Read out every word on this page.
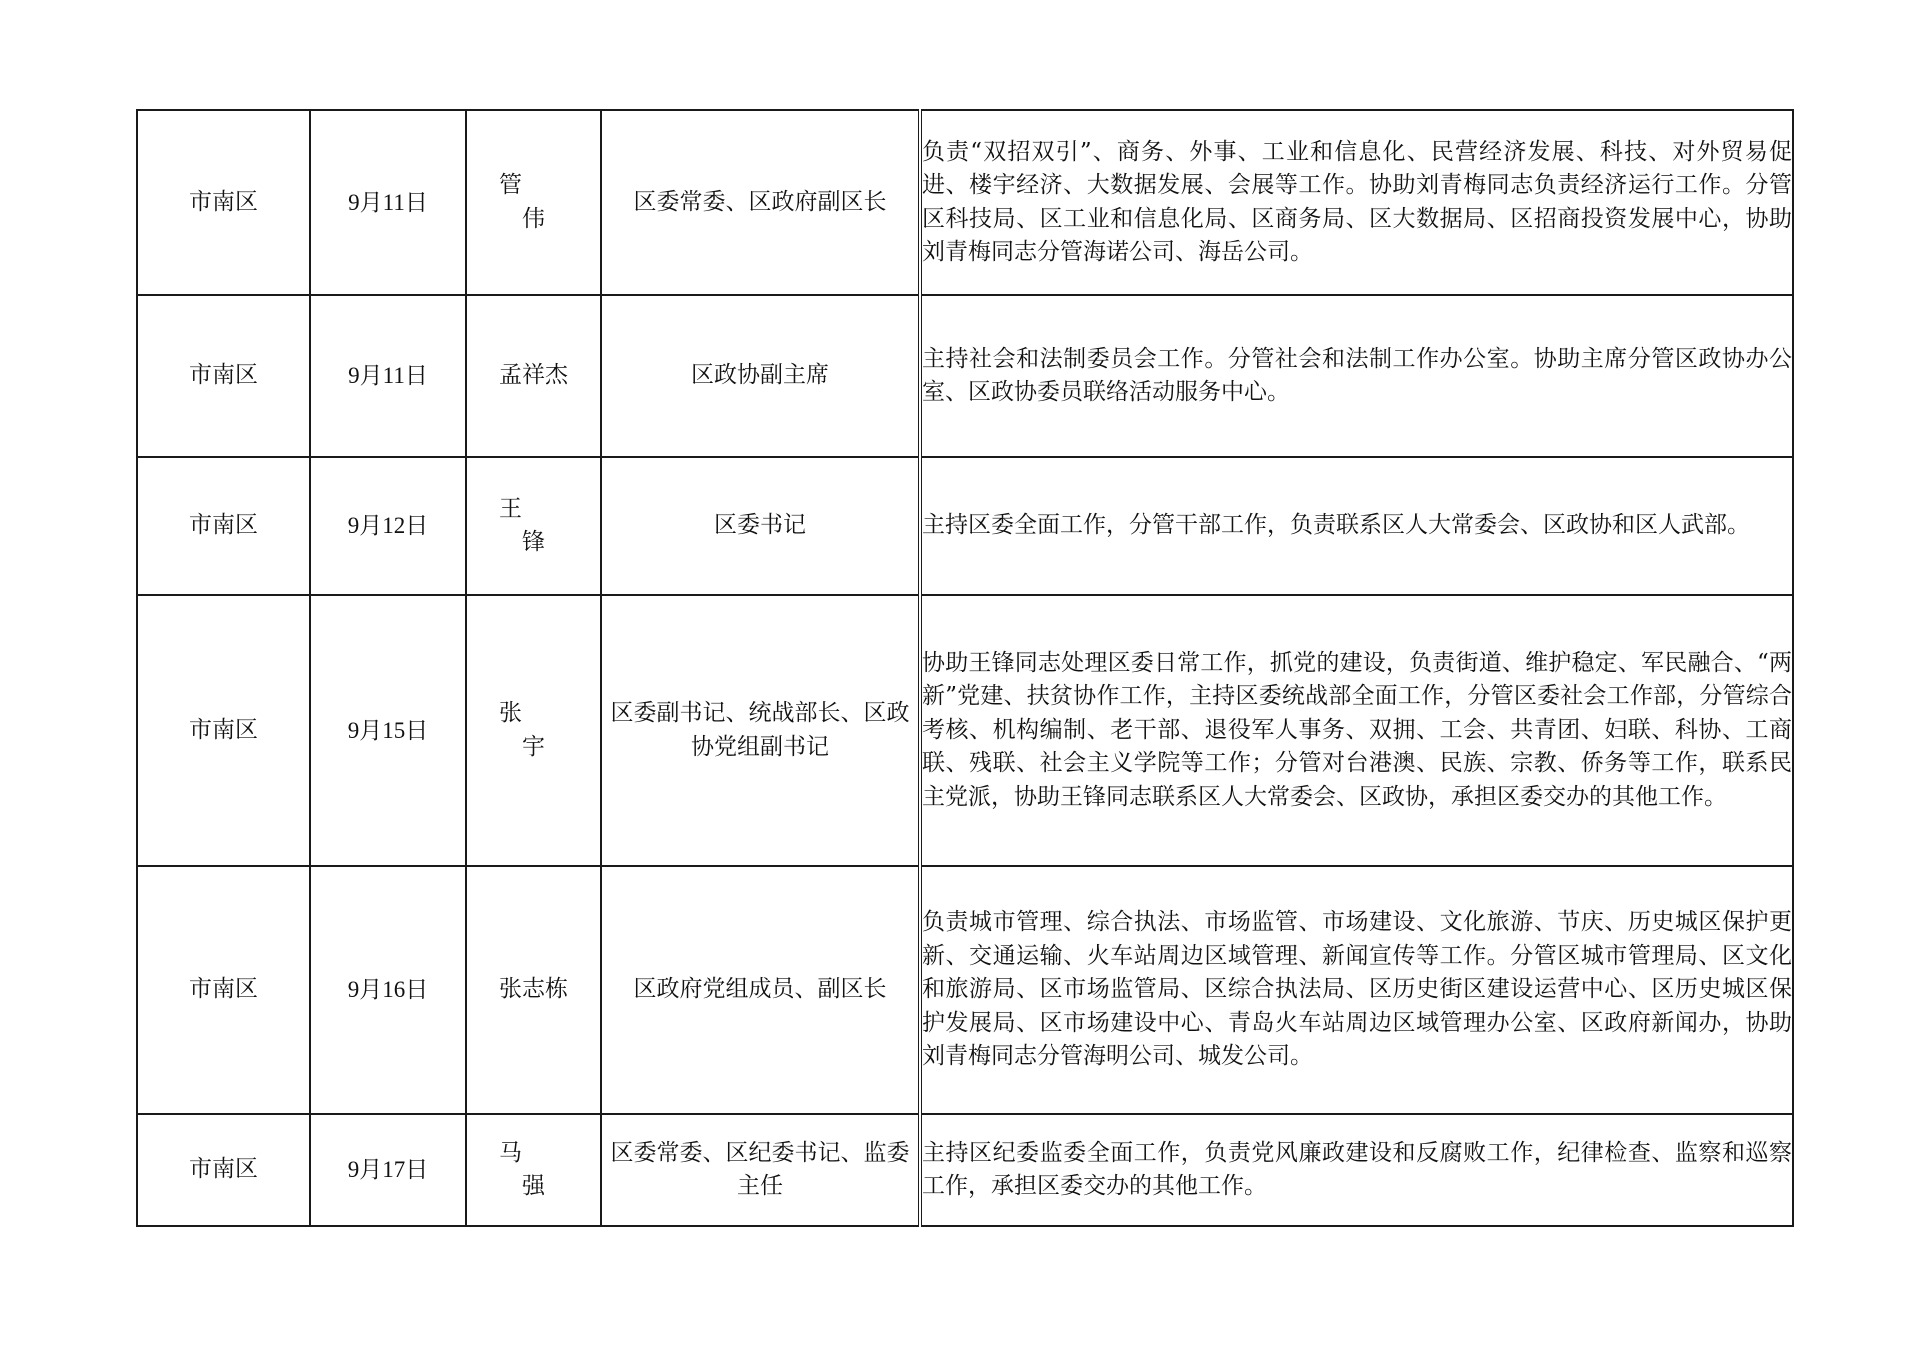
市南区	9月11日	管伟	区委常委、区政府副区长	负责“双招双引”、商务、外事、工业和信息化、民营经济发展、科技、对外贸易促进、楼宇经济、大数据发展、会展等工作。协助刘青梅同志负责经济运行工作。分管区科技局、区工业和信息化局、区商务局、区大数据局、区招商投资发展中心，协助刘青梅同志分管海诺公司、海岳公司。

市南区	9月11日	孟祥杰	区政协副主席	主持社会和法制委员会工作。分管社会和法制工作办公室。协助主席分管区政协办公室、区政协委员联络活动服务中心。

市南区	9月12日	王锋	区委书记	主持区委全面工作，分管干部工作，负责联系区人大常委会、区政协和区人武部。

市南区	9月15日	张宇	区委副书记、统战部长、区政协党组副书记	协助王锋同志处理区委日常工作，抓党的建设，负责街道、维护稳定、军民融合、“两新”党建、扶贫协作工作，主持区委统战部全面工作，分管区委社会工作部，分管综合考核、机构编制、老干部、退役军人事务、双拥、工会、共青团、妇联、科协、工商联、残联、社会主义学院等工作；分管对台港澳、民族、宗教、侨务等工作，联系民主党派，协助王锋同志联系区人大常委会、区政协，承担区委交办的其他工作。

市南区	9月16日	张志栋	区政府党组成员、副区长	负责城市管理、综合执法、市场监管、市场建设、文化旅游、节庆、历史城区保护更新、交通运输、火车站周边区域管理、新闻宣传等工作。分管区城市管理局、区文化和旅游局、区市场监管局、区综合执法局、区历史街区建设运营中心、区历史城区保护发展局、区市场建设中心、青岛火车站周边区域管理办公室、区政府新闻办，协助刘青梅同志分管海明公司、城发公司。

市南区	9月17日	马强	区委常委、区纪委书记、监委主任	主持区纪委监委全面工作，负责党风廉政建设和反腐败工作，纪律检查、监察和巡察工作，承担区委交办的其他工作。
